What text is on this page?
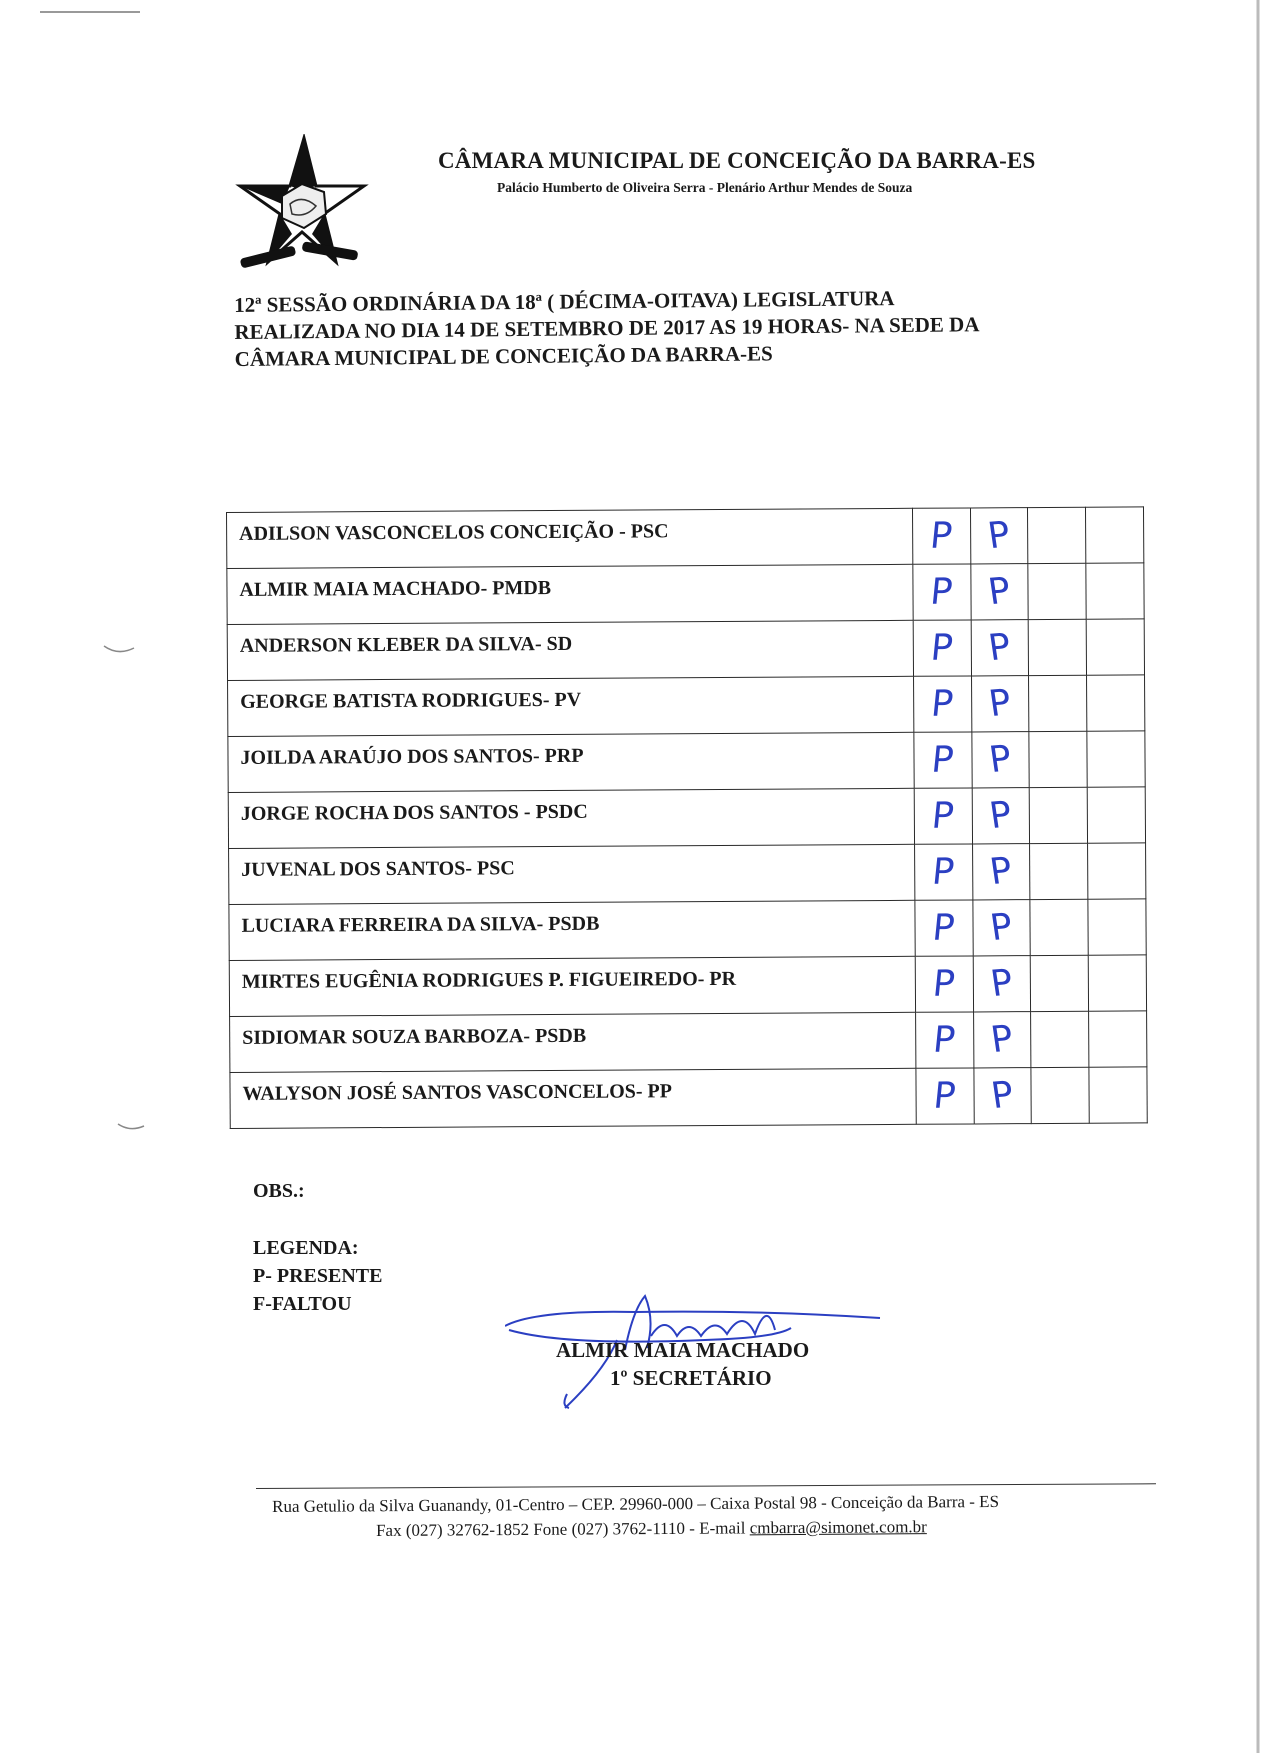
CÂMARA MUNICIPAL DE CONCEIÇÃO DA BARRA-ES
Palácio Humberto de Oliveira Serra - Plenário Arthur Mendes de Souza
12ª SESSÃO ORDINÁRIA DA 18ª ( DÉCIMA-OITAVA) LEGISLATURA
REALIZADA NO DIA 14 DE SETEMBRO DE 2017 AS 19 HORAS- NA SEDE DA
CÂMARA MUNICIPAL DE CONCEIÇÃO DA BARRA-ES
ADILSON VASCONCELOS CONCEIÇÃO - PSC	P	P		
ALMIR MAIA MACHADO- PMDB	P	P		
ANDERSON KLEBER DA SILVA- SD	P	P		
GEORGE BATISTA RODRIGUES- PV	P	P		
JOILDA ARAÚJO DOS SANTOS- PRP	P	P		
JORGE ROCHA DOS SANTOS - PSDC	P	P		
JUVENAL DOS SANTOS- PSC	P	P		
LUCIARA FERREIRA DA SILVA- PSDB	P	P		
MIRTES EUGÊNIA RODRIGUES P. FIGUEIREDO- PR	P	P		
SIDIOMAR SOUZA BARBOZA- PSDB	P	P		
WALYSON JOSÉ SANTOS VASCONCELOS- PP	P	P		
OBS.:
LEGENDA:
P- PRESENTE
F-FALTOU
ALMIR MAIA MACHADO
1º SECRETÁRIO
Rua Getulio da Silva Guanandy, 01-Centro – CEP. 29960-000 – Caixa Postal 98 - Conceição da Barra - ES
Fax (027) 32762-1852 Fone (027) 3762-1110 - E-mail cmbarra@simonet.com.br
